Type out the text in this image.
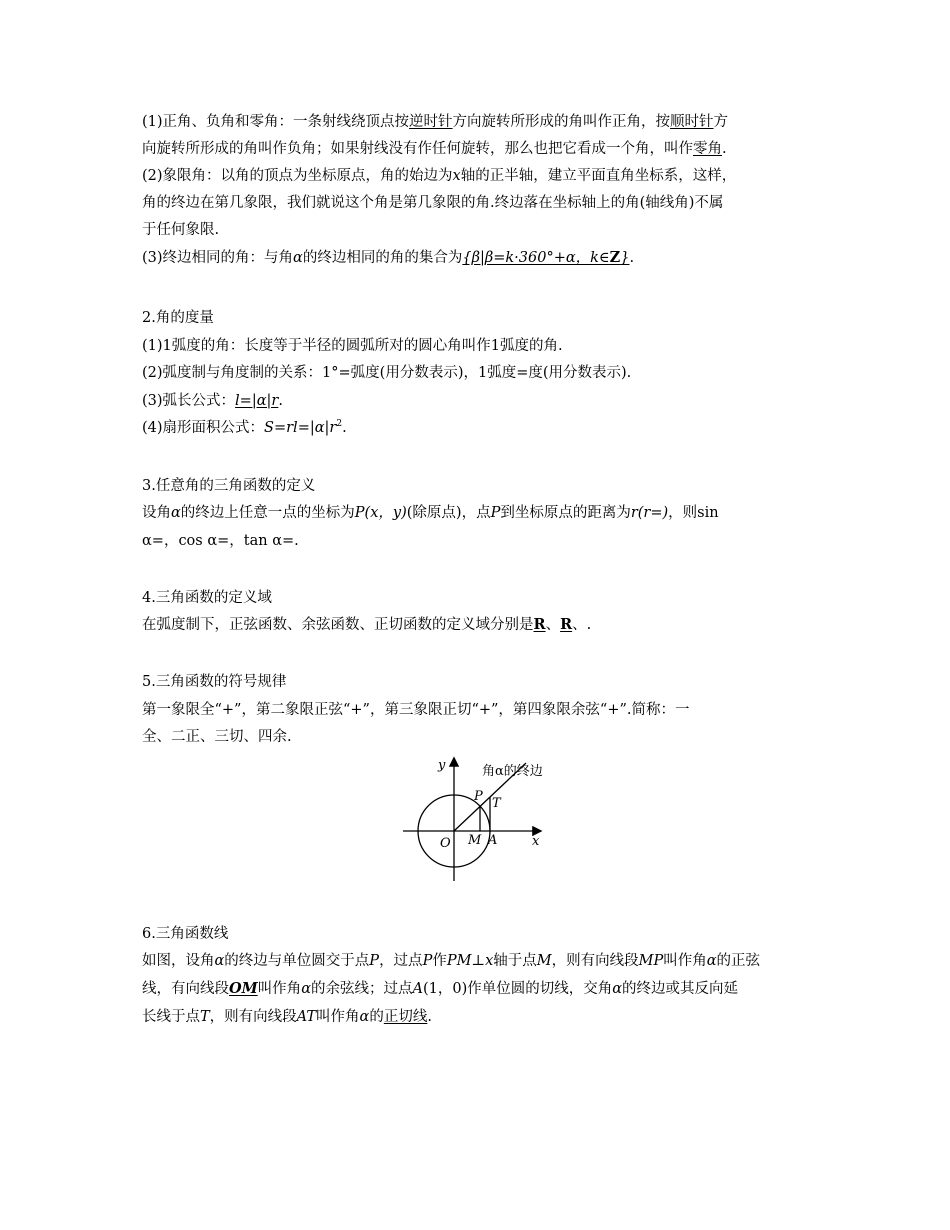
(1)正角、负角和零角：一条射线绕顶点按逆时针方向旋转所形成的角叫作正角，按顺时针方
向旋转所形成的角叫作负角；如果射线没有作任何旋转，那么也把它看成一个角，叫作零角.
(2)象限角：以角的顶点为坐标原点，角的始边为x轴的正半轴，建立平面直角坐标系，这样，
角的终边在第几象限，我们就说这个角是第几象限的角.终边落在坐标轴上的角(轴线角)不属
于任何象限.
(3)终边相同的角：与角α的终边相同的角的集合为{β|β=k·360°+α，k∈Z}.
2.角的度量
(1)1弧度的角：长度等于半径的圆弧所对的圆心角叫作1弧度的角.
(2)弧度制与角度制的关系：1°=弧度(用分数表示)，1弧度=度(用分数表示).
(3)弧长公式：l=|α|r.
(4)扇形面积公式：$S=rl=|\alpha|r^2$.
3.任意角的三角函数的定义
设角α的终边上任意一点的坐标为P(x，y)(除原点)，点P到坐标原点的距离为r(r=)，则sin
α=，cos α=，tan α=.
4.三角函数的定义域
在弧度制下，正弦函数、余弦函数、正切函数的定义域分别是R、R、.
5.三角函数的符号规律
第一象限全“+”，第二象限正弦“+”，第三象限正切“+”，第四象限余弦“+”.简称：一
全、二正、三切、四余.
y
x
O M A
P T
角α的终边
6.三角函数线
如图，设角α的终边与单位圆交于点P，过点P作PM⊥x轴于点M，则有向线段MP叫作角α的正弦
线，有向线段OM叫作角α的余弦线；过点A(1，0)作单位圆的切线，交角α的终边或其反向延
长线于点T，则有向线段AT叫作角α的正切线.
